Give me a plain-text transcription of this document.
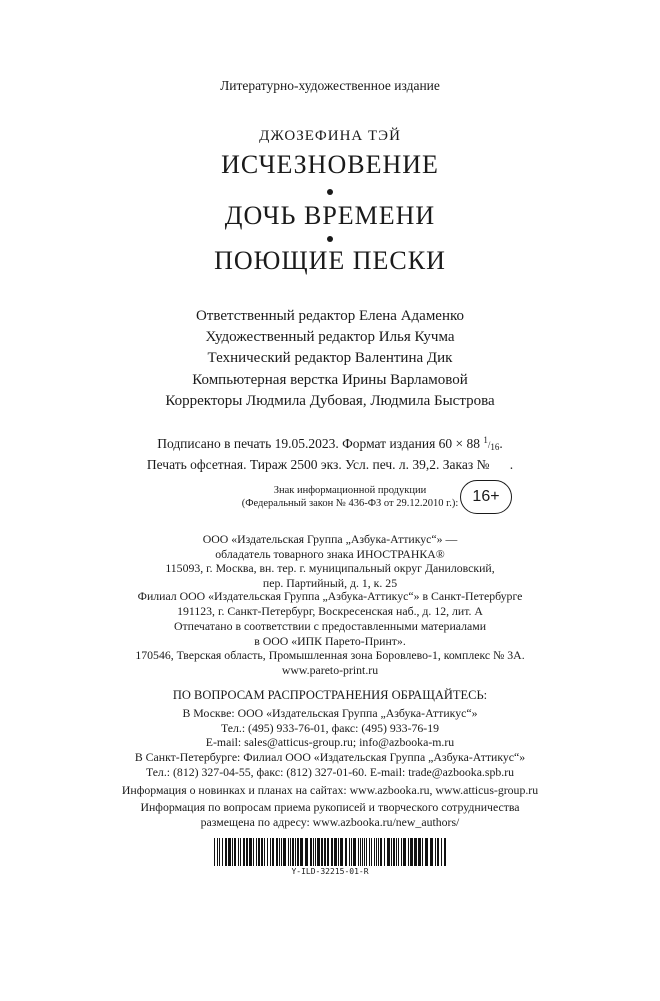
Литературно-художественное издание
ДЖОЗЕФИНА ТЭЙ
ИСЧЕЗНОВЕНИЕ
ДОЧЬ ВРЕМЕНИ
ПОЮЩИЕ ПЕСКИ
Ответственный редактор Елена Адаменко
Художественный редактор Илья Кучма
Технический редактор Валентина Дик
Компьютерная верстка Ирины Варламовой
Корректоры Людмила Дубовая, Людмила Быстрова
Подписано в печать 19.05.2023. Формат издания 60 × 88 1/16.
Печать офсетная. Тираж 2500 экз. Усл. печ. л. 39,2. Заказ №      .
Знак информационной продукции
(Федеральный закон № 436-ФЗ от 29.12.2010 г.): 16+
ООО «Издательская Группа „Азбука-Аттикус“» —
обладатель товарного знака ИНОСТРАНКА®
115093, г. Москва, вн. тер. г. муниципальный округ Даниловский,
пер. Партийный, д. 1, к. 25
Филиал ООО «Издательская Группа „Азбука-Аттикус“» в Санкт-Петербурге
191123, г. Санкт-Петербург, Воскресенская наб., д. 12, лит. А
Отпечатано в соответствии с предоставленными материалами
в ООО «ИПК Парето-Принт».
170546, Тверская область, Промышленная зона Боровлево-1, комплекс № 3А.
www.pareto-print.ru
ПО ВОПРОСАМ РАСПРОСТРАНЕНИЯ ОБРАЩАЙТЕСЬ:
В Москве: ООО «Издательская Группа „Азбука-Аттикус“»
Тел.: (495) 933-76-01, факс: (495) 933-76-19
E-mail: sales@atticus-group.ru; info@azbooka-m.ru
В Санкт-Петербурге: Филиал ООО «Издательская Группа „Азбука-Аттикус“»
Тел.: (812) 327-04-55, факс: (812) 327-01-60. E-mail: trade@azbooka.spb.ru
Информация о новинках и планах на сайтах: www.azbooka.ru, www.atticus-group.ru
Информация по вопросам приема рукописей и творческого сотрудничества
размещена по адресу: www.azbooka.ru/new_authors/
Y-ILD-32215-01-R
